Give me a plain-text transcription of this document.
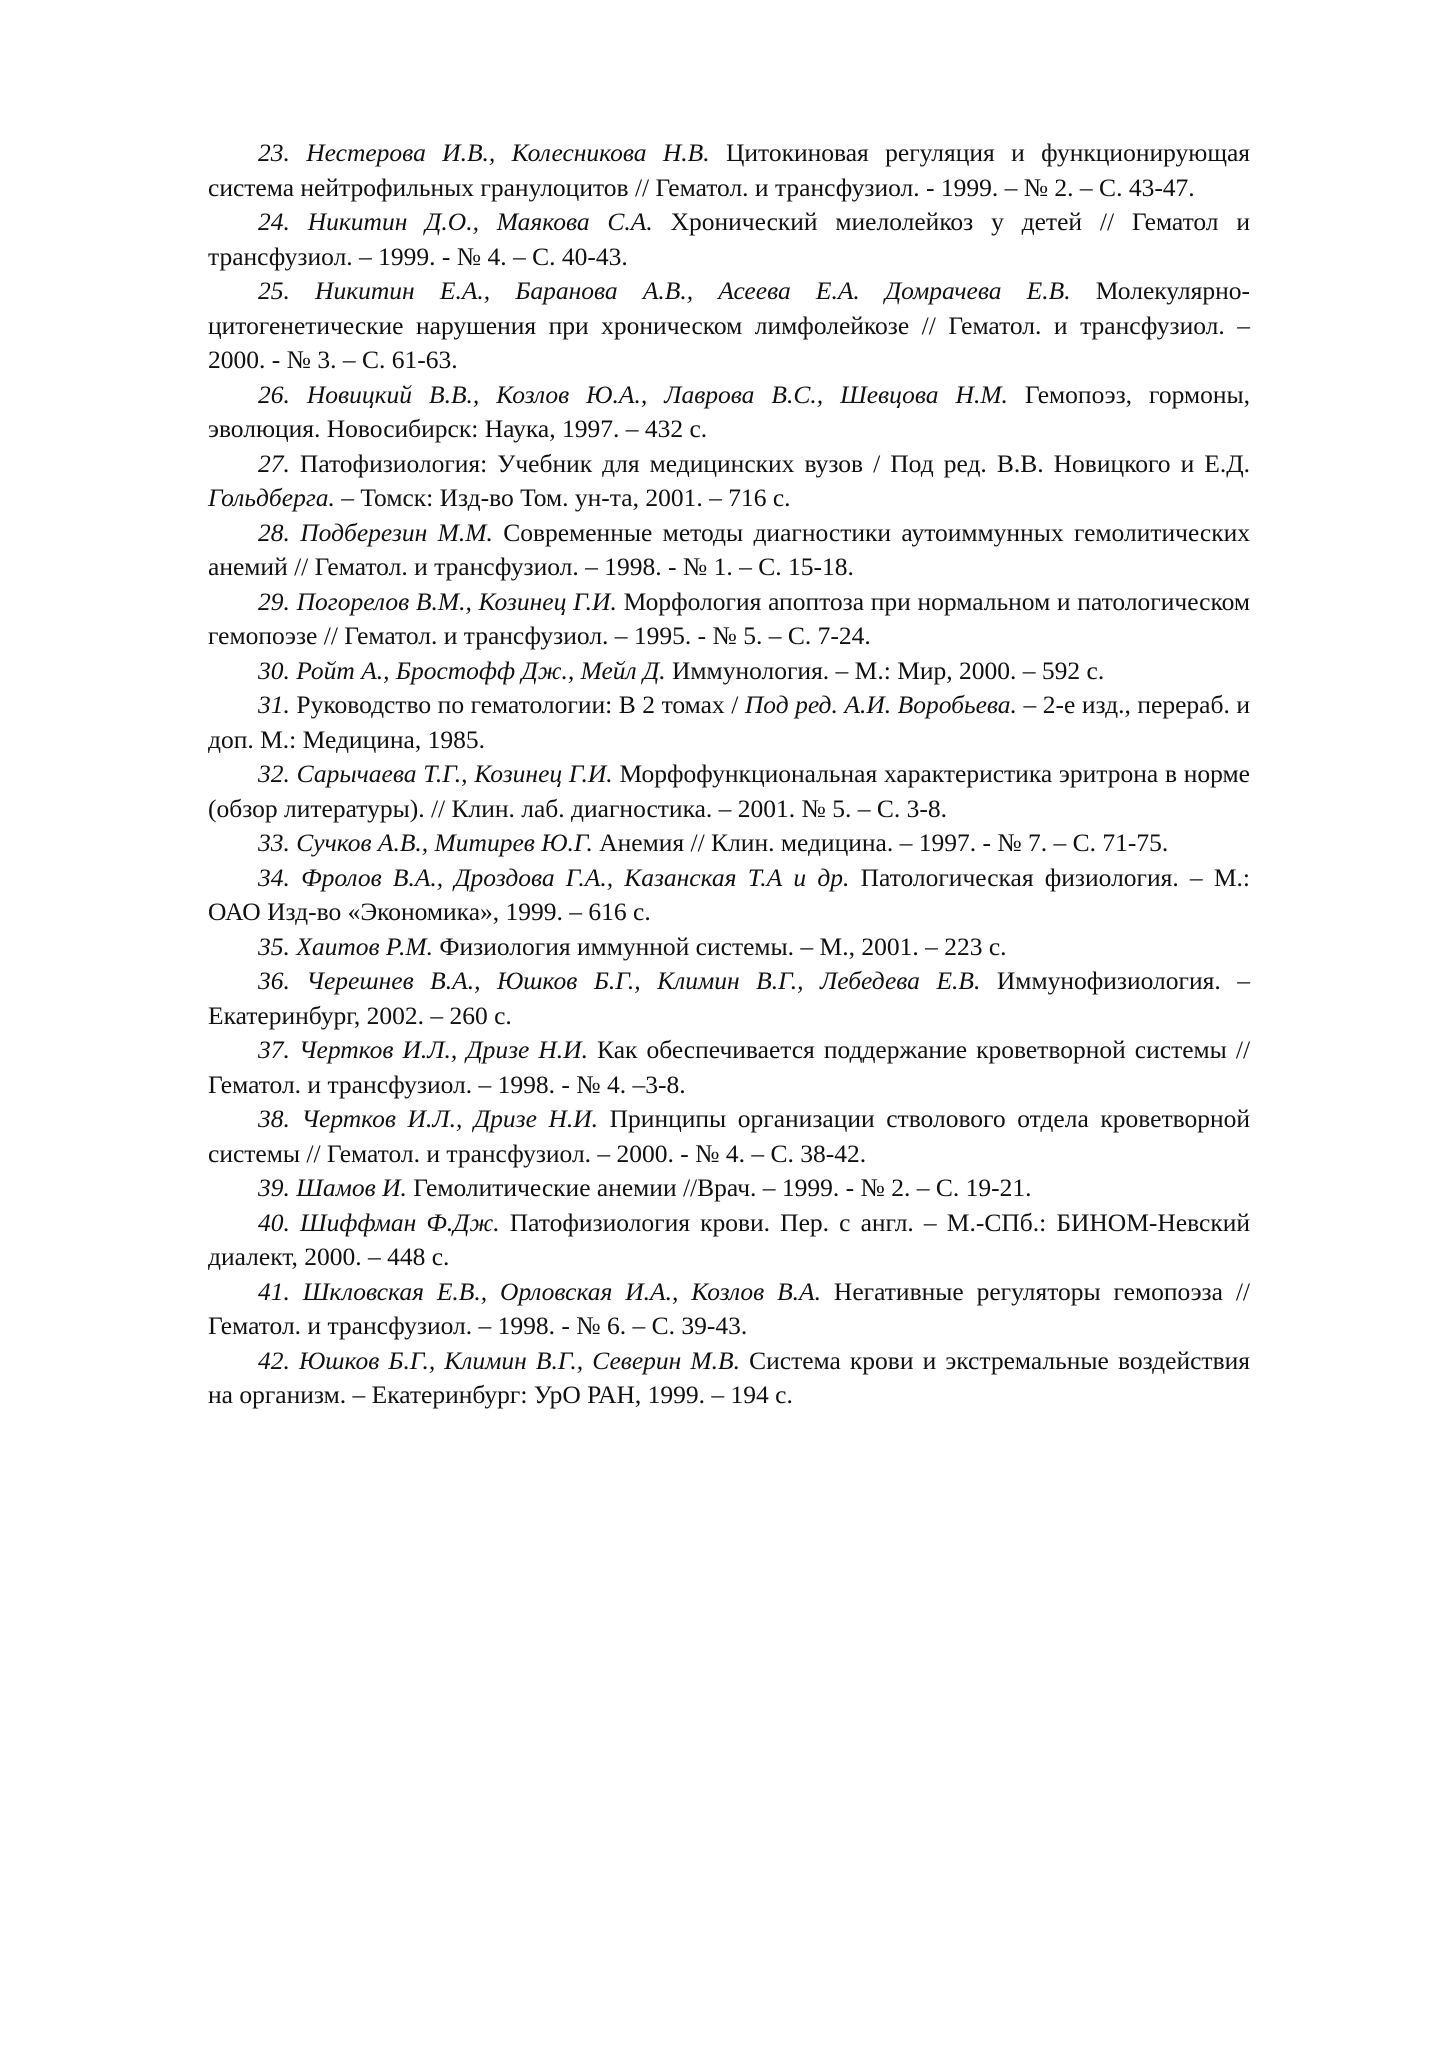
23. Нестерова И.В., Колесникова Н.В. Цитокиновая регуляция и функционирующая система нейтрофильных гранулоцитов // Гематол. и трансфузиол. - 1999. – № 2. – С. 43-47.

24. Никитин Д.О., Маякова С.А. Хронический миелолейкоз у детей // Гематол и трансфузиол. – 1999. - № 4. – С. 40-43.

25. Никитин Е.А., Баранова А.В., Асеева Е.А. Домрачева Е.В. Молекулярно-цитогенетические нарушения при хроническом лимфолейкозе // Гематол. и трансфузиол. – 2000. - № 3. – С. 61-63.

26. Новицкий В.В., Козлов Ю.А., Лаврова В.С., Шевцова Н.М. Гемопоэз, гормоны, эволюция. Новосибирск: Наука, 1997. – 432 с.

27. Патофизиология: Учебник для медицинских вузов / Под ред. В.В. Новицкого и Е.Д. Гольдберга. – Томск: Изд-во Том. ун-та, 2001. – 716 с.

28. Подберезин М.М. Современные методы диагностики аутоиммунных гемолитических анемий // Гематол. и трансфузиол. – 1998. - № 1. – С. 15-18.

29. Погорелов В.М., Козинец Г.И. Морфология апоптоза при нормальном и патологическом гемопоэзе // Гематол. и трансфузиол. – 1995. - № 5. – С. 7-24.

30. Ройт А., Бростофф Дж., Мейл Д. Иммунология. – М.: Мир, 2000. – 592 с.

31. Руководство по гематологии: В 2 томах / Под ред. А.И. Воробьева. – 2-е изд., перераб. и доп. М.: Медицина, 1985.

32. Сарычаева Т.Г., Козинец Г.И. Морфофункциональная характеристика эритрона в норме (обзор литературы). // Клин. лаб. диагностика. – 2001. № 5. – С. 3-8.

33. Сучков А.В., Митирев Ю.Г. Анемия // Клин. медицина. – 1997. - № 7. – С. 71-75.

34. Фролов В.А., Дроздова Г.А., Казанская Т.А и др. Патологическая физиология. – М.: ОАО Изд-во «Экономика», 1999. – 616 с.

35. Хаитов Р.М. Физиология иммунной системы. – М., 2001. – 223 с.

36. Черешнев В.А., Юшков Б.Г., Климин В.Г., Лебедева Е.В. Иммунофизиология. – Екатеринбург, 2002. – 260 с.

37. Чертков И.Л., Дризе Н.И. Как обеспечивается поддержание кроветворной системы // Гематол. и трансфузиол. – 1998. - № 4. –3-8.

38. Чертков И.Л., Дризе Н.И. Принципы организации стволового отдела кроветворной системы // Гематол. и трансфузиол. – 2000. - № 4. – С. 38-42.

39. Шамов И. Гемолитические анемии //Врач. – 1999. - № 2. – С. 19-21.

40. Шиффман Ф.Дж. Патофизиология крови. Пер. с англ. – М.-СПб.: БИНОМ-Невский диалект, 2000. – 448 с.

41. Шкловская Е.В., Орловская И.А., Козлов В.А. Негативные регуляторы гемопоэза // Гематол. и трансфузиол. – 1998. - № 6. – С. 39-43.

42. Юшков Б.Г., Климин В.Г., Северин М.В. Система крови и экстремальные воздействия на организм. – Екатеринбург: УрО РАН, 1999. – 194 с.
